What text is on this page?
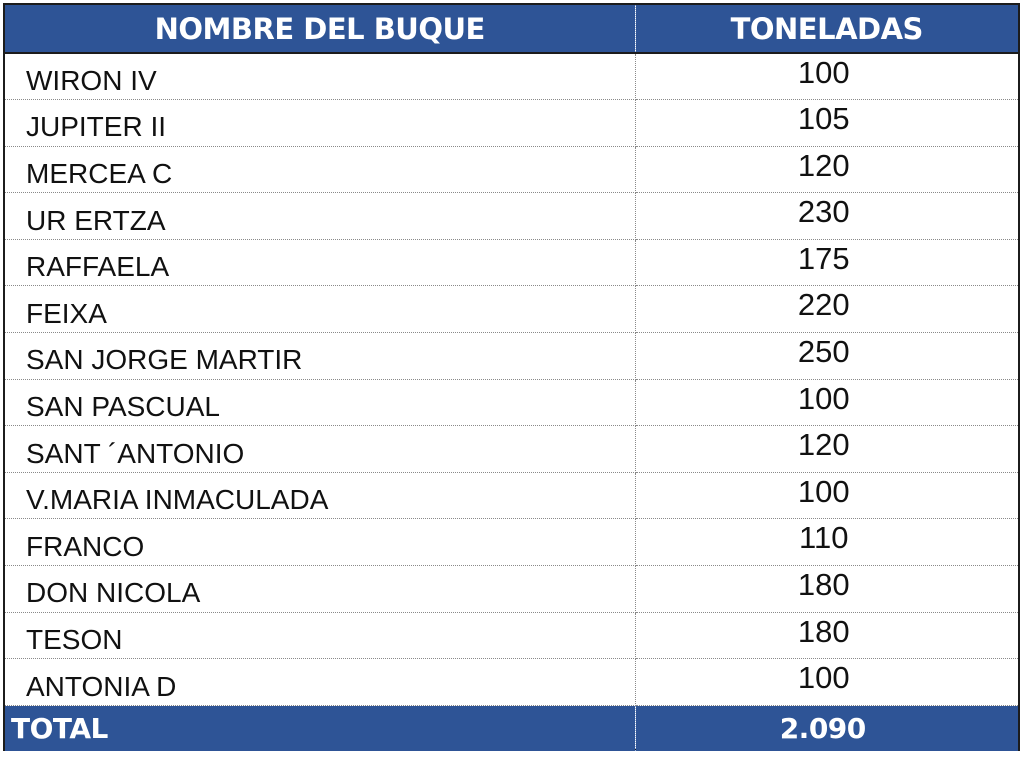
NOMBRE DEL BUQUE	TONELADAS
WIRON IV	100
JUPITER II	105
MERCEA C	120
UR ERTZA	230
RAFFAELA	175
FEIXA	220
SAN JORGE MARTIR	250
SAN PASCUAL	100
SANT ´ANTONIO	120
V.MARIA INMACULADA	100
FRANCO	110
DON NICOLA	180
TESON	180
ANTONIA D	100
TOTAL	2.090
